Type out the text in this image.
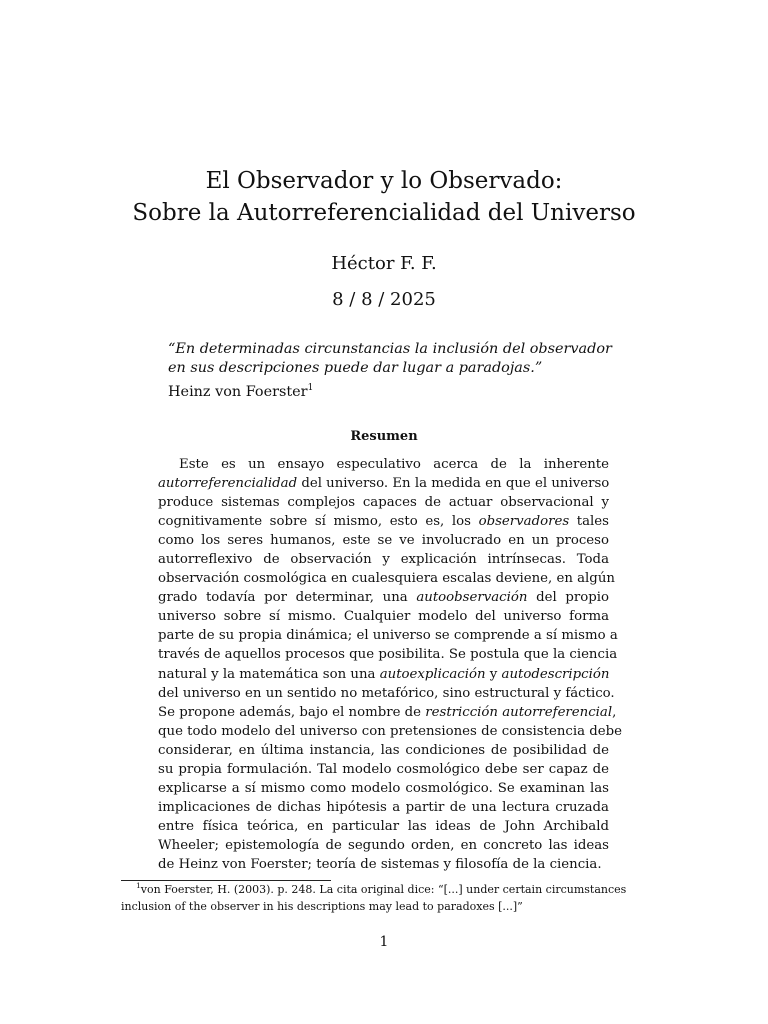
El Observador y lo Observado:
Sobre la Autorreferencialidad del Universo
Héctor F. F.
8 / 8 / 2025
“En determinadas circunstancias la inclusión del observador
en sus descripciones puede dar lugar a paradojas.”
Heinz von Foerster$^1$
Resumen
Este es un ensayo especulativo acerca de la inherente
autorreferencialidad del universo. En la medida en que el universo
produce sistemas complejos capaces de actuar observacional y
cognitivamente sobre sí mismo, esto es, los observadores tales
como los seres humanos, este se ve involucrado en un proceso
autorreflexivo de observación y explicación intrínsecas. Toda
observación cosmológica en cualesquiera escalas deviene, en algún
grado todavía por determinar, una autoobservación del propio
universo sobre sí mismo. Cualquier modelo del universo forma
parte de su propia dinámica; el universo se comprende a sí mismo a
través de aquellos procesos que posibilita. Se postula que la ciencia
natural y la matemática son una autoexplicación y autodescripción
del universo en un sentido no metafórico, sino estructural y fáctico.
Se propone además, bajo el nombre de restricción autorreferencial,
que todo modelo del universo con pretensiones de consistencia debe
considerar, en última instancia, las condiciones de posibilidad de
su propia formulación. Tal modelo cosmológico debe ser capaz de
explicarse a sí mismo como modelo cosmológico. Se examinan las
implicaciones de dichas hipótesis a partir de una lectura cruzada
entre física teórica, en particular las ideas de John Archibald
Wheeler; epistemología de segundo orden, en concreto las ideas
de Heinz von Foerster; teoría de sistemas y filosofía de la ciencia.
$^1$von Foerster, H. (2003). p. 248. La cita original dice: “[...] under certain circumstances
inclusion of the observer in his descriptions may lead to paradoxes [...]”
1
